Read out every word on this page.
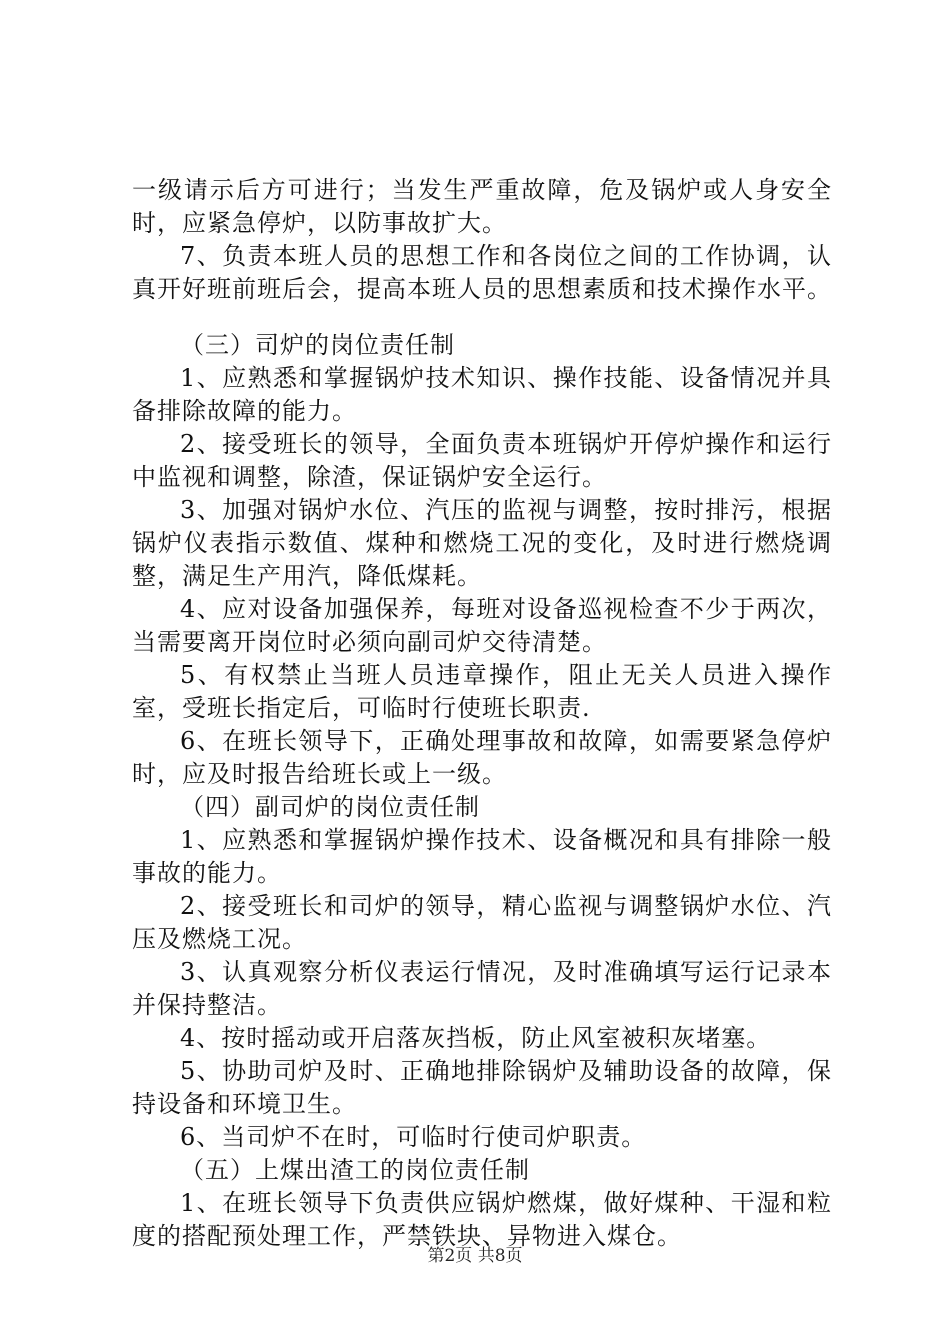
一级请示后方可进行；当发生严重故障，危及锅炉或人身安全时，应紧急停炉，以防事故扩大。

7、负责本班人员的思想工作和各岗位之间的工作协调，认真开好班前班后会，提高本班人员的思想素质和技术操作水平。

（三）司炉的岗位责任制

1、应熟悉和掌握锅炉技术知识、操作技能、设备情况并具备排除故障的能力。

2、接受班长的领导，全面负责本班锅炉开停炉操作和运行中监视和调整，除渣，保证锅炉安全运行。

3、加强对锅炉水位、汽压的监视与调整，按时排污，根据锅炉仪表指示数值、煤种和燃烧工况的变化，及时进行燃烧调整，满足生产用汽，降低煤耗。

4、应对设备加强保养，每班对设备巡视检查不少于两次，当需要离开岗位时必须向副司炉交待清楚。

5、有权禁止当班人员违章操作，阻止无关人员进入操作室，受班长指定后，可临时行使班长职责.

6、在班长领导下，正确处理事故和故障，如需要紧急停炉时，应及时报告给班长或上一级。

（四）副司炉的岗位责任制

1、应熟悉和掌握锅炉操作技术、设备概况和具有排除一般事故的能力。

2、接受班长和司炉的领导，精心监视与调整锅炉水位、汽压及燃烧工况。

3、认真观察分析仪表运行情况，及时准确填写运行记录本并保持整洁。

4、按时摇动或开启落灰挡板，防止风室被积灰堵塞。

5、协助司炉及时、正确地排除锅炉及辅助设备的故障，保持设备和环境卫生。

6、当司炉不在时，可临时行使司炉职责。

（五）上煤出渣工的岗位责任制

1、在班长领导下负责供应锅炉燃煤，做好煤种、干湿和粒度的搭配预处理工作，严禁铁块、异物进入煤仓。

第2页 共8页
